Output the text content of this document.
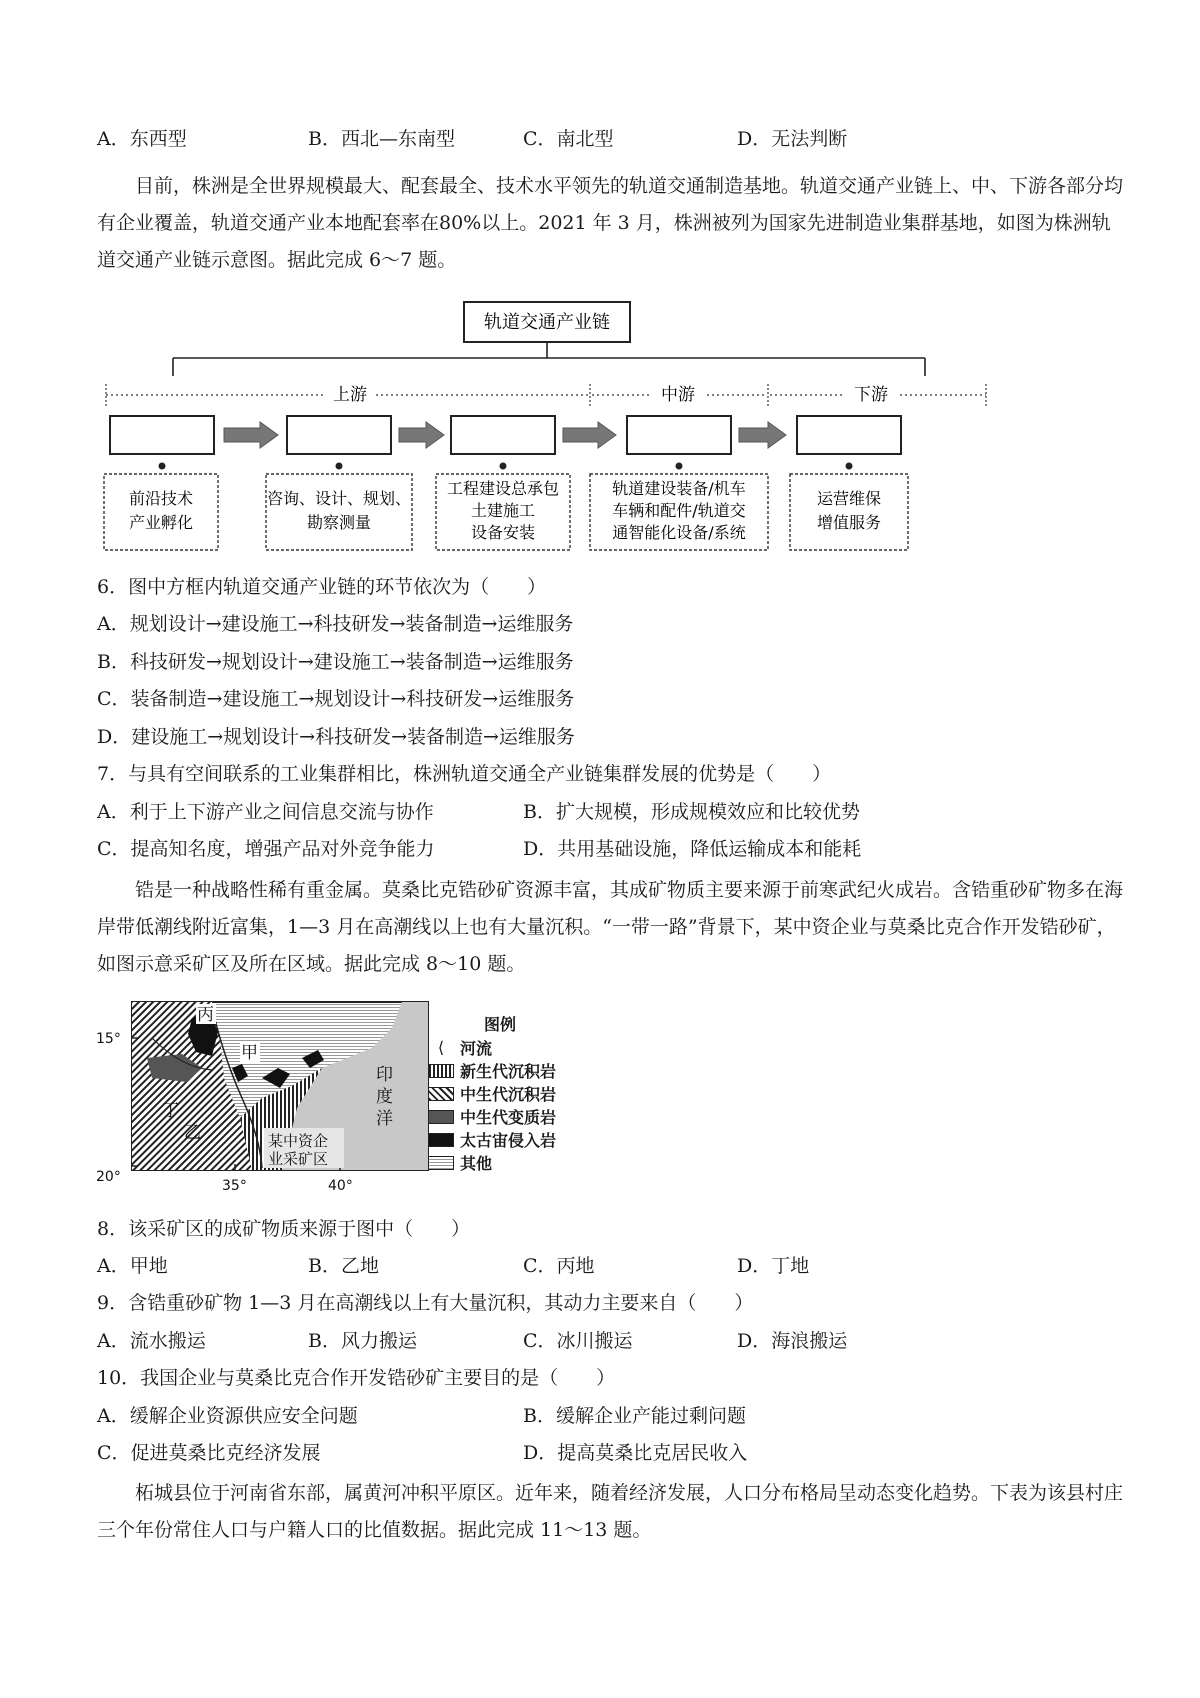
A．东西型	B．西北—东南型	C．南北型	D．无法判断
目前，株洲是全世界规模最大、配套最全、技术水平领先的轨道交通制造基地。轨道交通产业链上、中、下游各部分均有企业覆盖，轨道交通产业本地配套率在80%以上。2021 年 3 月，株洲被列为国家先进制造业集群基地，如图为株洲轨道交通产业链示意图。据此完成 6～7 题。
轨道交通产业链
上游	中游	下游
前沿技术
产业孵化
咨询、设计、规划、
勘察测量
工程建设总承包
土建施工
设备安装
轨道建设装备/机车
车辆和配件/轨道交
通智能化设备/系统
运营维保
增值服务
6．图中方框内轨道交通产业链的环节依次为（　　）
A．规划设计→建设施工→科技研发→装备制造→运维服务
B．科技研发→规划设计→建设施工→装备制造→运维服务
C．装备制造→建设施工→规划设计→科技研发→运维服务
D．建设施工→规划设计→科技研发→装备制造→运维服务
7．与具有空间联系的工业集群相比，株洲轨道交通全产业链集群发展的优势是（　　）
A．利于上下游产业之间信息交流与协作	B．扩大规模，形成规模效应和比较优势
C．提高知名度，增强产品对外竞争能力	D．共用基础设施，降低运输成本和能耗
锆是一种战略性稀有重金属。莫桑比克锆砂矿资源丰富，其成矿物质主要来源于前寒武纪火成岩。含锆重砂矿物多在海岸带低潮线附近富集，1—3 月在高潮线以上也有大量沉积。“一带一路”背景下，某中资企业与莫桑比克合作开发锆砂矿，如图示意采矿区及所在区域。据此完成 8～10 题。
15°
20°
35°	40°
丙
甲
丁
乙
印
度
洋
某中资企
业采矿区
图例
⟨ 河流
新生代沉积岩
中生代沉积岩
中生代变质岩
太古宙侵入岩
其他
8．该采矿区的成矿物质来源于图中（　　）
A．甲地	B．乙地	C．丙地	D．丁地
9．含锆重砂矿物 1—3 月在高潮线以上有大量沉积，其动力主要来自（　　）
A．流水搬运	B．风力搬运	C．冰川搬运	D．海浪搬运
10．我国企业与莫桑比克合作开发锆砂矿主要目的是（　　）
A．缓解企业资源供应安全问题	B．缓解企业产能过剩问题
C．促进莫桑比克经济发展	D．提高莫桑比克居民收入
柘城县位于河南省东部，属黄河冲积平原区。近年来，随着经济发展，人口分布格局呈动态变化趋势。下表为该县村庄三个年份常住人口与户籍人口的比值数据。据此完成 11～13 题。
